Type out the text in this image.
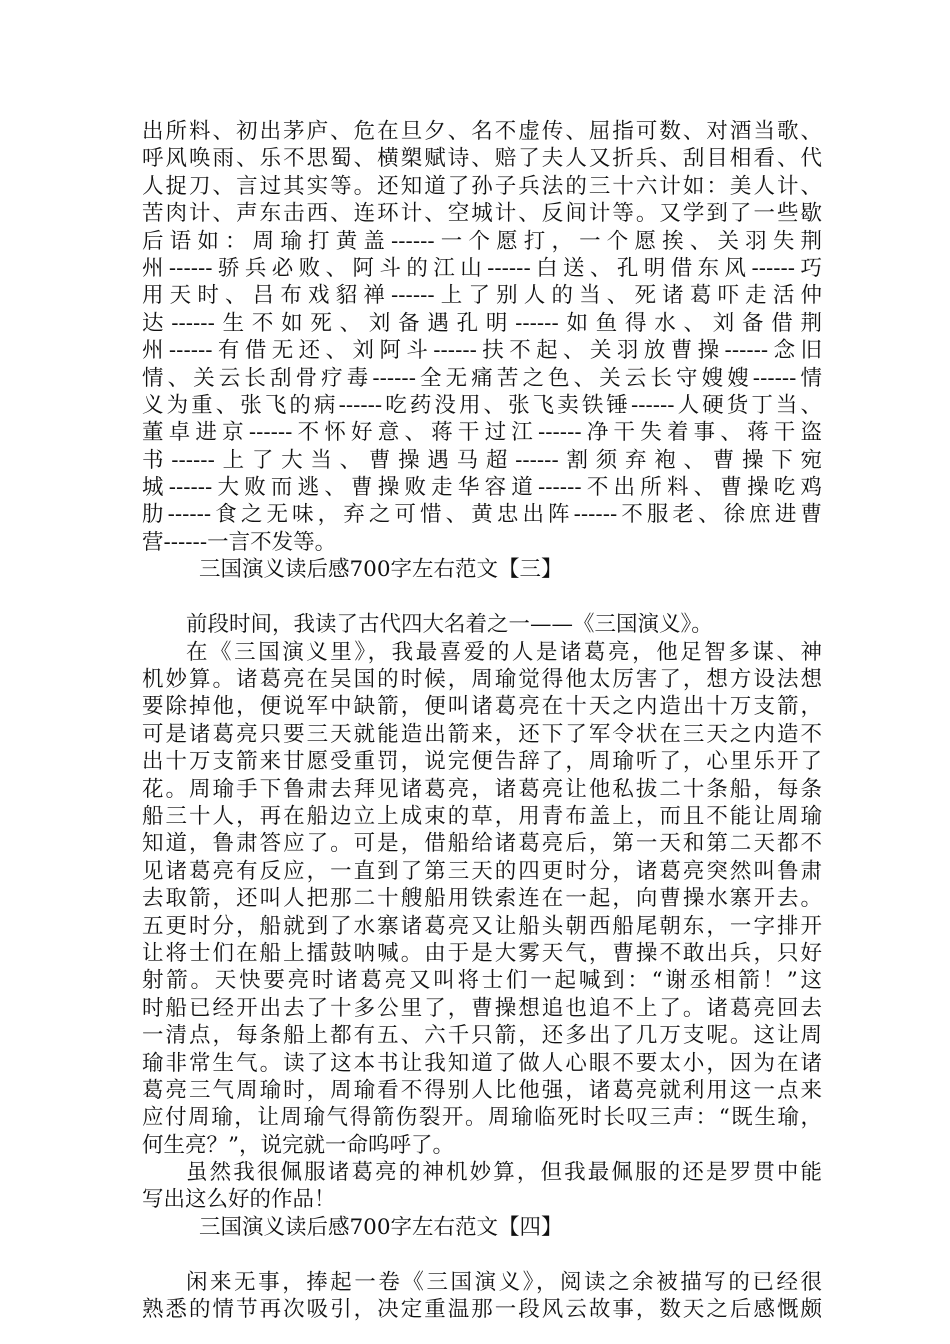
出所料、初出茅庐、危在旦夕、名不虚传、屈指可数、对酒当歌、
呼风唤雨、乐不思蜀、横槊赋诗、赔了夫人又折兵、刮目相看、代
人捉刀、言过其实等。还知道了孙子兵法的三十六计如：美人计、
苦肉计、声东击西、连环计、空城计、反间计等。又学到了一些歇
后语如：周瑜打黄盖------一个愿打，一个愿挨、关羽失荆
州------骄兵必败、阿斗的江山------白送、孔明借东风------巧
用天时、吕布戏貂禅------上了别人的当、死诸葛吓走活仲
达------生不如死、刘备遇孔明------如鱼得水、刘备借荆
州------有借无还、刘阿斗------扶不起、关羽放曹操------念旧
情、关云长刮骨疗毒------全无痛苦之色、关云长守嫂嫂------情
义为重、张飞的病------吃药没用、张飞卖铁锤------人硬货丁当、
董卓进京------不怀好意、蒋干过江------净干失着事、蒋干盗
书------上了大当、曹操遇马超------割须弃袍、曹操下宛
城------大败而逃、曹操败走华容道------不出所料、曹操吃鸡
肋------食之无味，弃之可惜、黄忠出阵------不服老、徐庶进曹
营------一言不发等。
三国演义读后感700字左右范文【三】
前段时间，我读了古代四大名着之一——《三国演义》。
在《三国演义里》，我最喜爱的人是诸葛亮，他足智多谋、神
机妙算。诸葛亮在吴国的时候，周瑜觉得他太厉害了，想方设法想
要除掉他，便说军中缺箭，便叫诸葛亮在十天之内造出十万支箭，
可是诸葛亮只要三天就能造出箭来，还下了军令状在三天之内造不
出十万支箭来甘愿受重罚，说完便告辞了，周瑜听了，心里乐开了
花。周瑜手下鲁肃去拜见诸葛亮，诸葛亮让他私拔二十条船，每条
船三十人，再在船边立上成束的草，用青布盖上，而且不能让周瑜
知道，鲁肃答应了。可是，借船给诸葛亮后，第一天和第二天都不
见诸葛亮有反应，一直到了第三天的四更时分，诸葛亮突然叫鲁肃
去取箭，还叫人把那二十艘船用铁索连在一起，向曹操水寨开去。
五更时分，船就到了水寨诸葛亮又让船头朝西船尾朝东，一字排开
让将士们在船上擂鼓呐喊。由于是大雾天气，曹操不敢出兵，只好
射箭。天快要亮时诸葛亮又叫将士们一起喊到：“谢丞相箭！”这
时船已经开出去了十多公里了，曹操想追也追不上了。诸葛亮回去
一清点，每条船上都有五、六千只箭，还多出了几万支呢。这让周
瑜非常生气。读了这本书让我知道了做人心眼不要太小，因为在诸
葛亮三气周瑜时，周瑜看不得别人比他强，诸葛亮就利用这一点来
应付周瑜，让周瑜气得箭伤裂开。周瑜临死时长叹三声：“既生瑜，
何生亮？”，说完就一命呜呼了。
虽然我很佩服诸葛亮的神机妙算，但我最佩服的还是罗贯中能
写出这么好的作品！
三国演义读后感700字左右范文【四】
闲来无事，捧起一卷《三国演义》，阅读之余被描写的已经很
熟悉的情节再次吸引，决定重温那一段风云故事，数天之后感慨颇
